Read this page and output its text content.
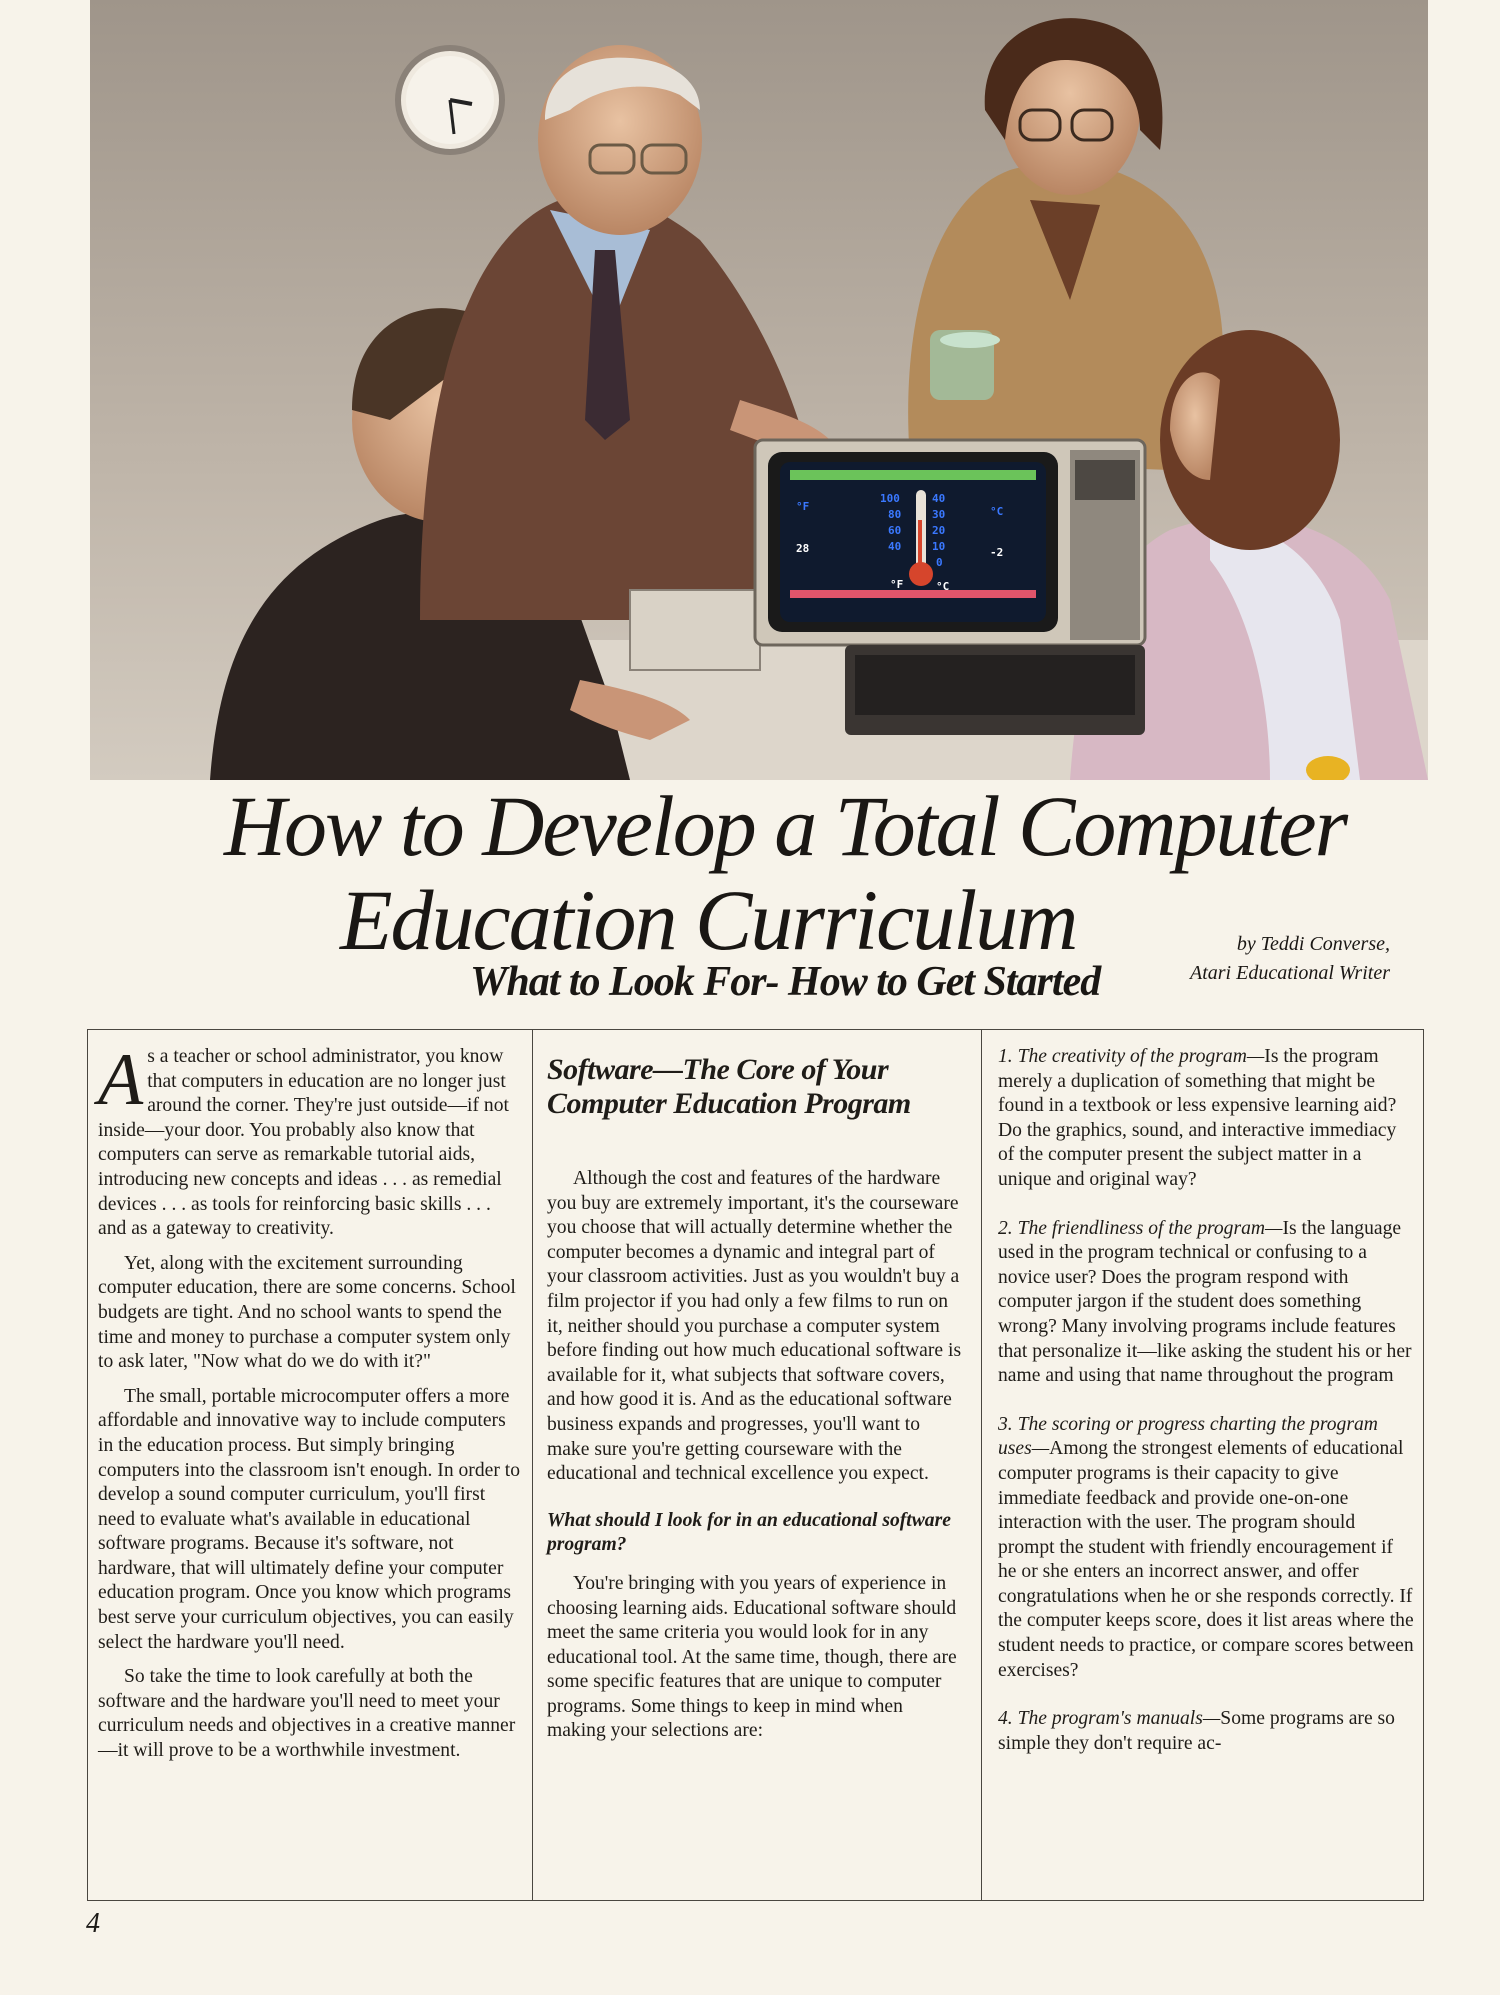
°F	°C
28	-2
°F	°C
100
80
60
40
40
30
20
10
0
How to Develop a Total Computer
Education Curriculum
What to Look For- How to Get Started
by Teddi Converse,
Atari Educational Writer

As a teacher or school administrator, you know that computers in education are no longer just around the corner. They're just outside—if not inside—your door. You probably also know that computers can serve as remarkable tutorial aids, introducing new concepts and ideas . . . as remedial devices . . . as tools for reinforcing basic skills . . . and as a gateway to creativity.

Yet, along with the excitement surrounding computer education, there are some concerns. School budgets are tight. And no school wants to spend the time and money to purchase a computer system only to ask later, "Now what do we do with it?"

The small, portable microcomputer offers a more affordable and innovative way to include computers in the education process. But simply bringing computers into the classroom isn't enough. In order to develop a sound computer curriculum, you'll first need to evaluate what's available in educational software programs. Because it's software, not hardware, that will ultimately define your computer education program. Once you know which programs best serve your curriculum objectives, you can easily select the hardware you'll need.

So take the time to look carefully at both the software and the hardware you'll need to meet your curriculum needs and objectives in a creative manner—it will prove to be a worthwhile investment.

Software—The Core of Your Computer Education Program

Although the cost and features of the hardware you buy are extremely important, it's the courseware you choose that will actually determine whether the computer becomes a dynamic and integral part of your classroom activities. Just as you wouldn't buy a film projector if you had only a few films to run on it, neither should you purchase a computer system before finding out how much educational software is available for it, what subjects that software covers, and how good it is. And as the educational software business expands and progresses, you'll want to make sure you're getting courseware with the educational and technical excellence you expect.

What should I look for in an educational software program?

You're bringing with you years of experience in choosing learning aids. Educational software should meet the same criteria you would look for in any educational tool. At the same time, though, there are some specific features that are unique to computer programs. Some things to keep in mind when making your selections are:

1. The creativity of the program—Is the program merely a duplication of something that might be found in a textbook or less expensive learning aid? Do the graphics, sound, and interactive immediacy of the computer present the subject matter in a unique and original way?

2. The friendliness of the program—Is the language used in the program technical or confusing to a novice user? Does the program respond with computer jargon if the student does something wrong? Many involving programs include features that personalize it—like asking the student his or her name and using that name throughout the program

3. The scoring or progress charting the program uses—Among the strongest elements of educational computer programs is their capacity to give immediate feedback and provide one-on-one interaction with the user. The program should prompt the student with friendly encouragement if he or she enters an incorrect answer, and offer congratulations when he or she responds correctly. If the computer keeps score, does it list areas where the student needs to practice, or compare scores between exercises?

4. The program's manuals—Some programs are so simple they don't require ac-

4
